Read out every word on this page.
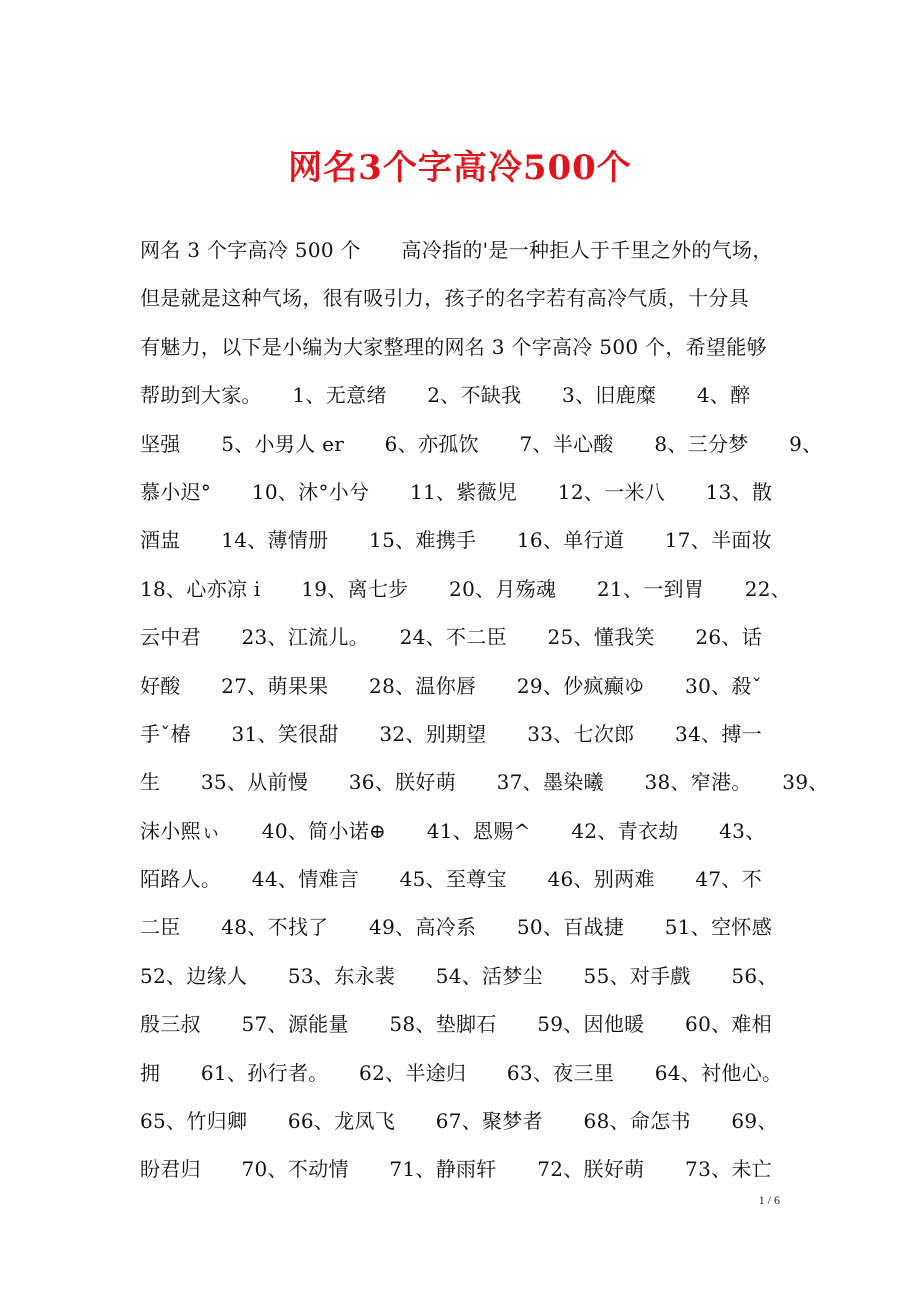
网名3个字高冷500个
网名 3 个字高冷 500 个　　高冷指的'是一种拒人于千里之外的气场，
但是就是这种气场，很有吸引力，孩子的名字若有高冷气质，十分具
有魅力，以下是小编为大家整理的网名 3 个字高冷 500 个，希望能够
帮助到大家。　　1、无意绪　　2、不缺我　　3、旧鹿糜　　4、醉
坚强　　5、小男人 er　　6、亦孤饮　　7、半心酸　　8、三分梦　　9、
慕小迟°　　10、沐°小兮　　11、紫薇児　　12、一米八　　13、散
酒盅　　14、薄情册　　15、难携手　　16、单行道　　17、半面妆
18、心亦凉 i　　19、离七步　　20、月殇魂　　21、一到胃　　22、
云中君　　23、江流儿。　　24、不二臣　　25、懂我笑　　26、话
好酸　　27、萌果果　　28、温你唇　　29、仯疯癫ゆ　　30、殺ˇ
手ˇ椿　　31、笑很甜　　32、别期望　　33、七次郎　　34、搏一
生　　35、从前慢　　36、朕好萌　　37、墨染曦　　38、窄港。　　39、
沫小熙ぃ　　40、简小诺⊕　　41、恩赐^　　42、青衣劫　　43、
陌路人。　　44、情难言　　45、至尊宝　　46、别两难　　47、不
二臣　　48、不找了　　49、高冷系　　50、百战捷　　51、空怀感
52、边缘人　　53、东永裴　　54、活梦尘　　55、对手戲　　56、
殷三叔　　57、源能量　　58、垫脚石　　59、因他暖　　60、难相
拥　　61、孙行者。　　62、半途归　　63、夜三里　　64、衬他心。
65、竹归卿　　66、龙凤飞　　67、聚梦者　　68、命怎书　　69、
盼君归　　70、不动情　　71、静雨轩　　72、朕好萌　　73、未亡
1 / 6
